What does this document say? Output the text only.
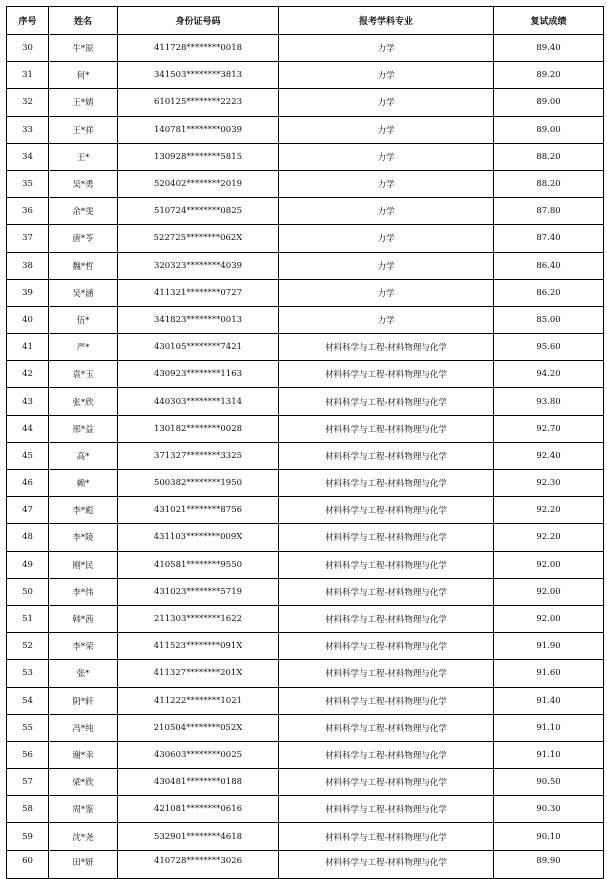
序号	姓名	身份证号码	报考学科专业	复试成绩
30	牛*原	411728********0018	力学	89.40
31	何*	341503********3813	力学	89.20
32	王*婧	610125********2223	力学	89.00
33	王*祥	140781********0039	力学	89.00
34	王*	130928********5815	力学	88.20
35	吴*勇	520402********2019	力学	88.20
36	余*雯	510724********0825	力学	87.80
37	唐*苓	522725********062X	力学	87.40
38	魏*哲	320323********4039	力学	86.40
39	吴*涵	411321********0727	力学	86.20
40	伍*	341823********0013	力学	85.00
41	严*	430105********7421	材料科学与工程-材料物理与化学	95.60
42	袁*玉	430923********1163	材料科学与工程-材料物理与化学	94.20
43	张*欣	440303********1314	材料科学与工程-材料物理与化学	93.80
44	邢*益	130182********0028	材料科学与工程-材料物理与化学	92.70
45	高*	371327********3325	材料科学与工程-材料物理与化学	92.40
46	赖*	500382********1950	材料科学与工程-材料物理与化学	92.30
47	李*彪	431021********8756	材料科学与工程-材料物理与化学	92.20
48	李*陵	431103********009X	材料科学与工程-材料物理与化学	92.20
49	刚*民	410581********9550	材料科学与工程-材料物理与化学	92.00
50	李*伟	431023********5719	材料科学与工程-材料物理与化学	92.00
51	韩*茜	211303********1622	材料科学与工程-材料物理与化学	92.00
52	李*荣	411523********091X	材料科学与工程-材料物理与化学	91.90
53	张*	411327********201X	材料科学与工程-材料物理与化学	91.60
54	阴*轩	411222********1021	材料科学与工程-材料物理与化学	91.40
55	冯*纯	210504********052X	材料科学与工程-材料物理与化学	91.10
56	谢*幸	430603********0025	材料科学与工程-材料物理与化学	91.10
57	梁*欣	430481********0188	材料科学与工程-材料物理与化学	90.50
58	周*鉴	421081********0616	材料科学与工程-材料物理与化学	90.30
59	沈*尧	532901********4618	材料科学与工程-材料物理与化学	90.10
60	田*妍	410728********3026	材料科学与工程-材料物理与化学	89.90
